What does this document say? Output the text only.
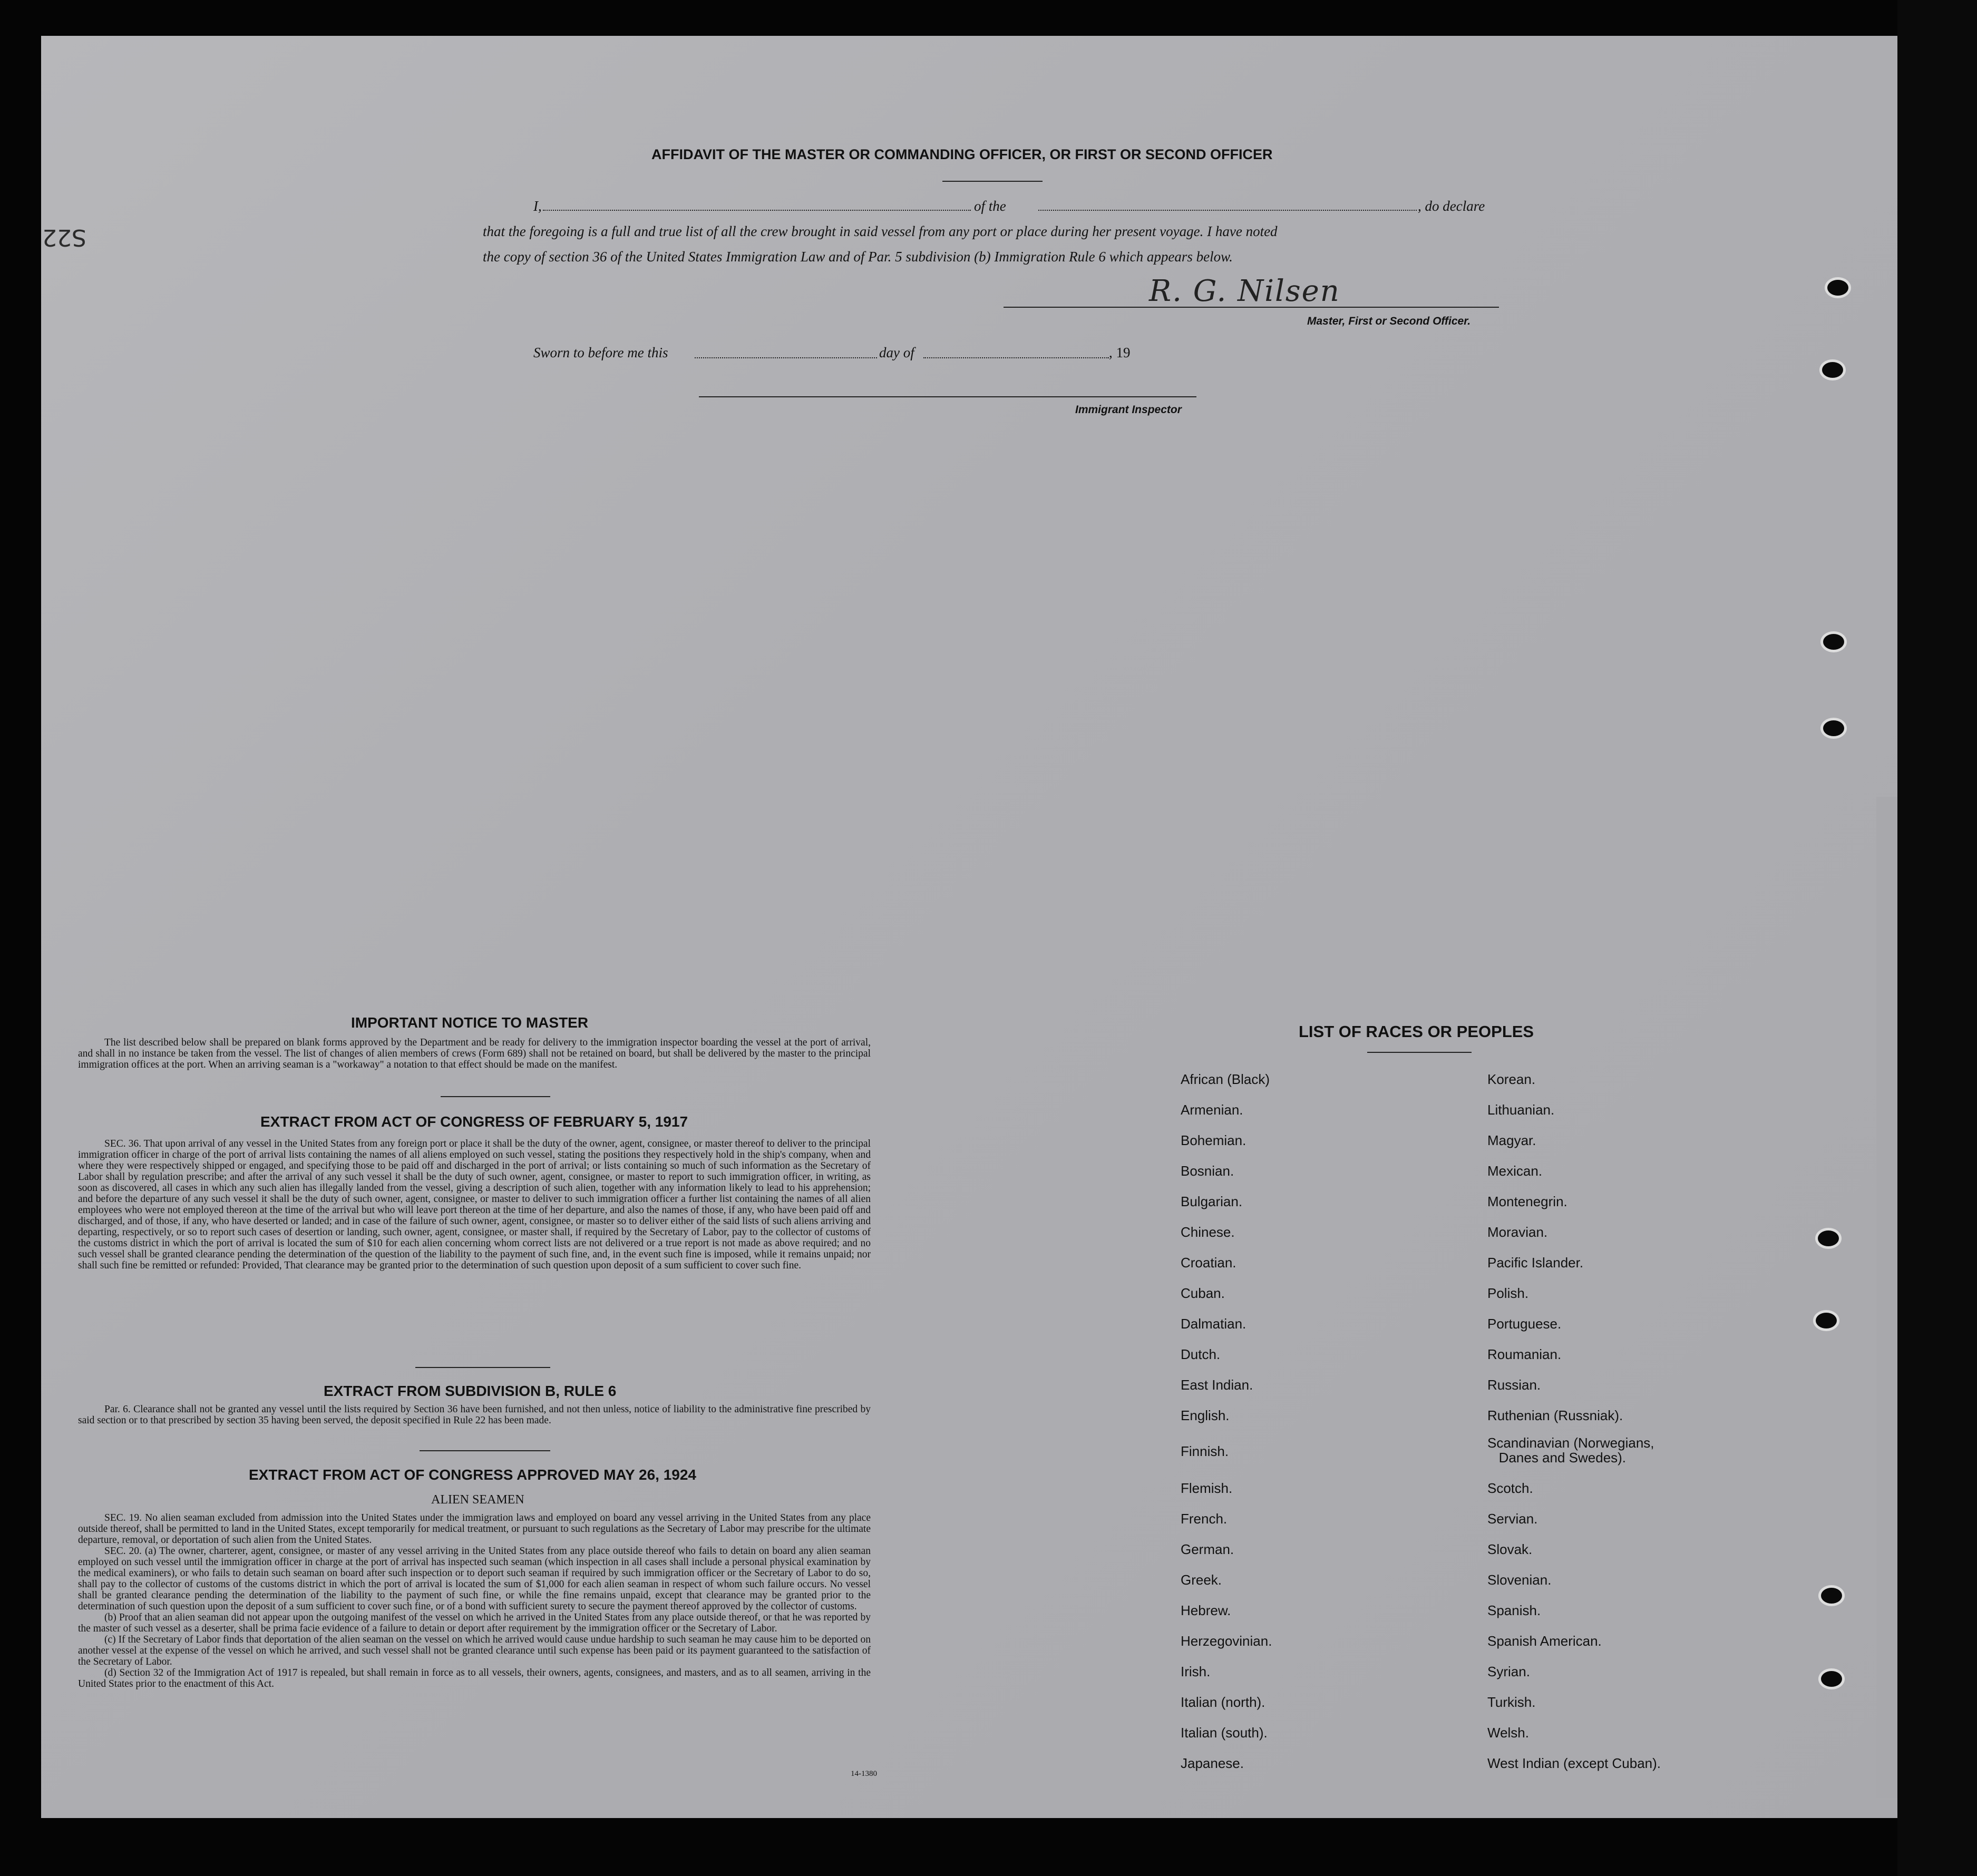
S22
AFFIDAVIT OF THE MASTER OR COMMANDING OFFICER, OR FIRST OR SECOND OFFICER
I,	of the	, do declare
that the foregoing is a full and true list of all the crew brought in said vessel from any port or place during her present voyage. I have noted
the copy of section 36 of the United States Immigration Law and of Par. 5 subdivision (b) Immigration Rule 6 which appears below.
R. G. Nilsen
Master, First or Second Officer.
Sworn to before me this	day of	, 19
Immigrant Inspector
IMPORTANT NOTICE TO MASTER

The list described below shall be prepared on blank forms approved by the Department and be ready for delivery to the immigration inspector boarding the vessel at the port of arrival, and shall in no instance be taken from the vessel. The list of changes of alien members of crews (Form 689) shall not be retained on board, but shall be delivered by the master to the principal immigration offices at the port. When an arriving seaman is a "workaway" a notation to that effect should be made on the manifest.

EXTRACT FROM ACT OF CONGRESS OF FEBRUARY 5, 1917

SEC. 36. That upon arrival of any vessel in the United States from any foreign port or place it shall be the duty of the owner, agent, consignee, or master thereof to deliver to the principal immigration officer in charge of the port of arrival lists containing the names of all aliens employed on such vessel, stating the positions they respectively hold in the ship's company, when and where they were respectively shipped or engaged, and specifying those to be paid off and discharged in the port of arrival; or lists containing so much of such information as the Secretary of Labor shall by regulation prescribe; and after the arrival of any such vessel it shall be the duty of such owner, agent, consignee, or master to report to such immigration officer, in writing, as soon as discovered, all cases in which any such alien has illegally landed from the vessel, giving a description of such alien, together with any information likely to lead to his apprehension; and before the departure of any such vessel it shall be the duty of such owner, agent, consignee, or master to deliver to such immigration officer a further list containing the names of all alien employees who were not employed thereon at the time of the arrival but who will leave port thereon at the time of her departure, and also the names of those, if any, who have been paid off and discharged, and of those, if any, who have deserted or landed; and in case of the failure of such owner, agent, consignee, or master so to deliver either of the said lists of such aliens arriving and departing, respectively, or so to report such cases of desertion or landing, such owner, agent, consignee, or master shall, if required by the Secretary of Labor, pay to the collector of customs of the customs district in which the port of arrival is located the sum of $10 for each alien concerning whom correct lists are not delivered or a true report is not made as above required; and no such vessel shall be granted clearance pending the determination of the question of the liability to the payment of such fine, and, in the event such fine is imposed, while it remains unpaid; nor shall such fine be remitted or refunded: Provided, That clearance may be granted prior to the determination of such question upon deposit of a sum sufficient to cover such fine.

EXTRACT FROM SUBDIVISION B, RULE 6

Par. 6. Clearance shall not be granted any vessel until the lists required by Section 36 have been furnished, and not then unless, notice of liability to the administrative fine prescribed by said section or to that prescribed by section 35 having been served, the deposit specified in Rule 22 has been made.

EXTRACT FROM ACT OF CONGRESS APPROVED MAY 26, 1924
ALIEN SEAMEN

SEC. 19. No alien seaman excluded from admission into the United States under the immigration laws and employed on board any vessel arriving in the United States from any place outside thereof, shall be permitted to land in the United States, except temporarily for medical treatment, or pursuant to such regulations as the Secretary of Labor may prescribe for the ultimate departure, removal, or deportation of such alien from the United States.

SEC. 20. (a) The owner, charterer, agent, consignee, or master of any vessel arriving in the United States from any place outside thereof who fails to detain on board any alien seaman employed on such vessel until the immigration officer in charge at the port of arrival has inspected such seaman (which inspection in all cases shall include a personal physical examination by the medical examiners), or who fails to detain such seaman on board after such inspection or to deport such seaman if required by such immigration officer or the Secretary of Labor to do so, shall pay to the collector of customs of the customs district in which the port of arrival is located the sum of $1,000 for each alien seaman in respect of whom such failure occurs. No vessel shall be granted clearance pending the determination of the liability to the payment of such fine, or while the fine remains unpaid, except that clearance may be granted prior to the determination of such question upon the deposit of a sum sufficient to cover such fine, or of a bond with sufficient surety to secure the payment thereof approved by the collector of customs.

(b) Proof that an alien seaman did not appear upon the outgoing manifest of the vessel on which he arrived in the United States from any place outside thereof, or that he was reported by the master of such vessel as a deserter, shall be prima facie evidence of a failure to detain or deport after requirement by the immigration officer or the Secretary of Labor.

(c) If the Secretary of Labor finds that deportation of the alien seaman on the vessel on which he arrived would cause undue hardship to such seaman he may cause him to be deported on another vessel at the expense of the vessel on which he arrived, and such vessel shall not be granted clearance until such expense has been paid or its payment guaranteed to the satisfaction of the Secretary of Labor.

(d) Section 32 of the Immigration Act of 1917 is repealed, but shall remain in force as to all vessels, their owners, agents, consignees, and masters, and as to all seamen, arriving in the United States prior to the enactment of this Act.

14-1380
LIST OF RACES OR PEOPLES
African (Black)
Armenian.
Bohemian.
Bosnian.
Bulgarian.
Chinese.
Croatian.
Cuban.
Dalmatian.
Dutch.
East Indian.
English.
Finnish.
Flemish.
French.
German.
Greek.
Hebrew.
Herzegovinian.
Irish.
Italian (north).
Italian (south).
Japanese.
Korean.
Lithuanian.
Magyar.
Mexican.
Montenegrin.
Moravian.
Pacific Islander.
Polish.
Portuguese.
Roumanian.
Russian.
Ruthenian (Russniak).
Scandinavian (Norwegians,
Danes and Swedes).
Scotch.
Servian.
Slovak.
Slovenian.
Spanish.
Spanish American.
Syrian.
Turkish.
Welsh.
West Indian (except Cuban).
